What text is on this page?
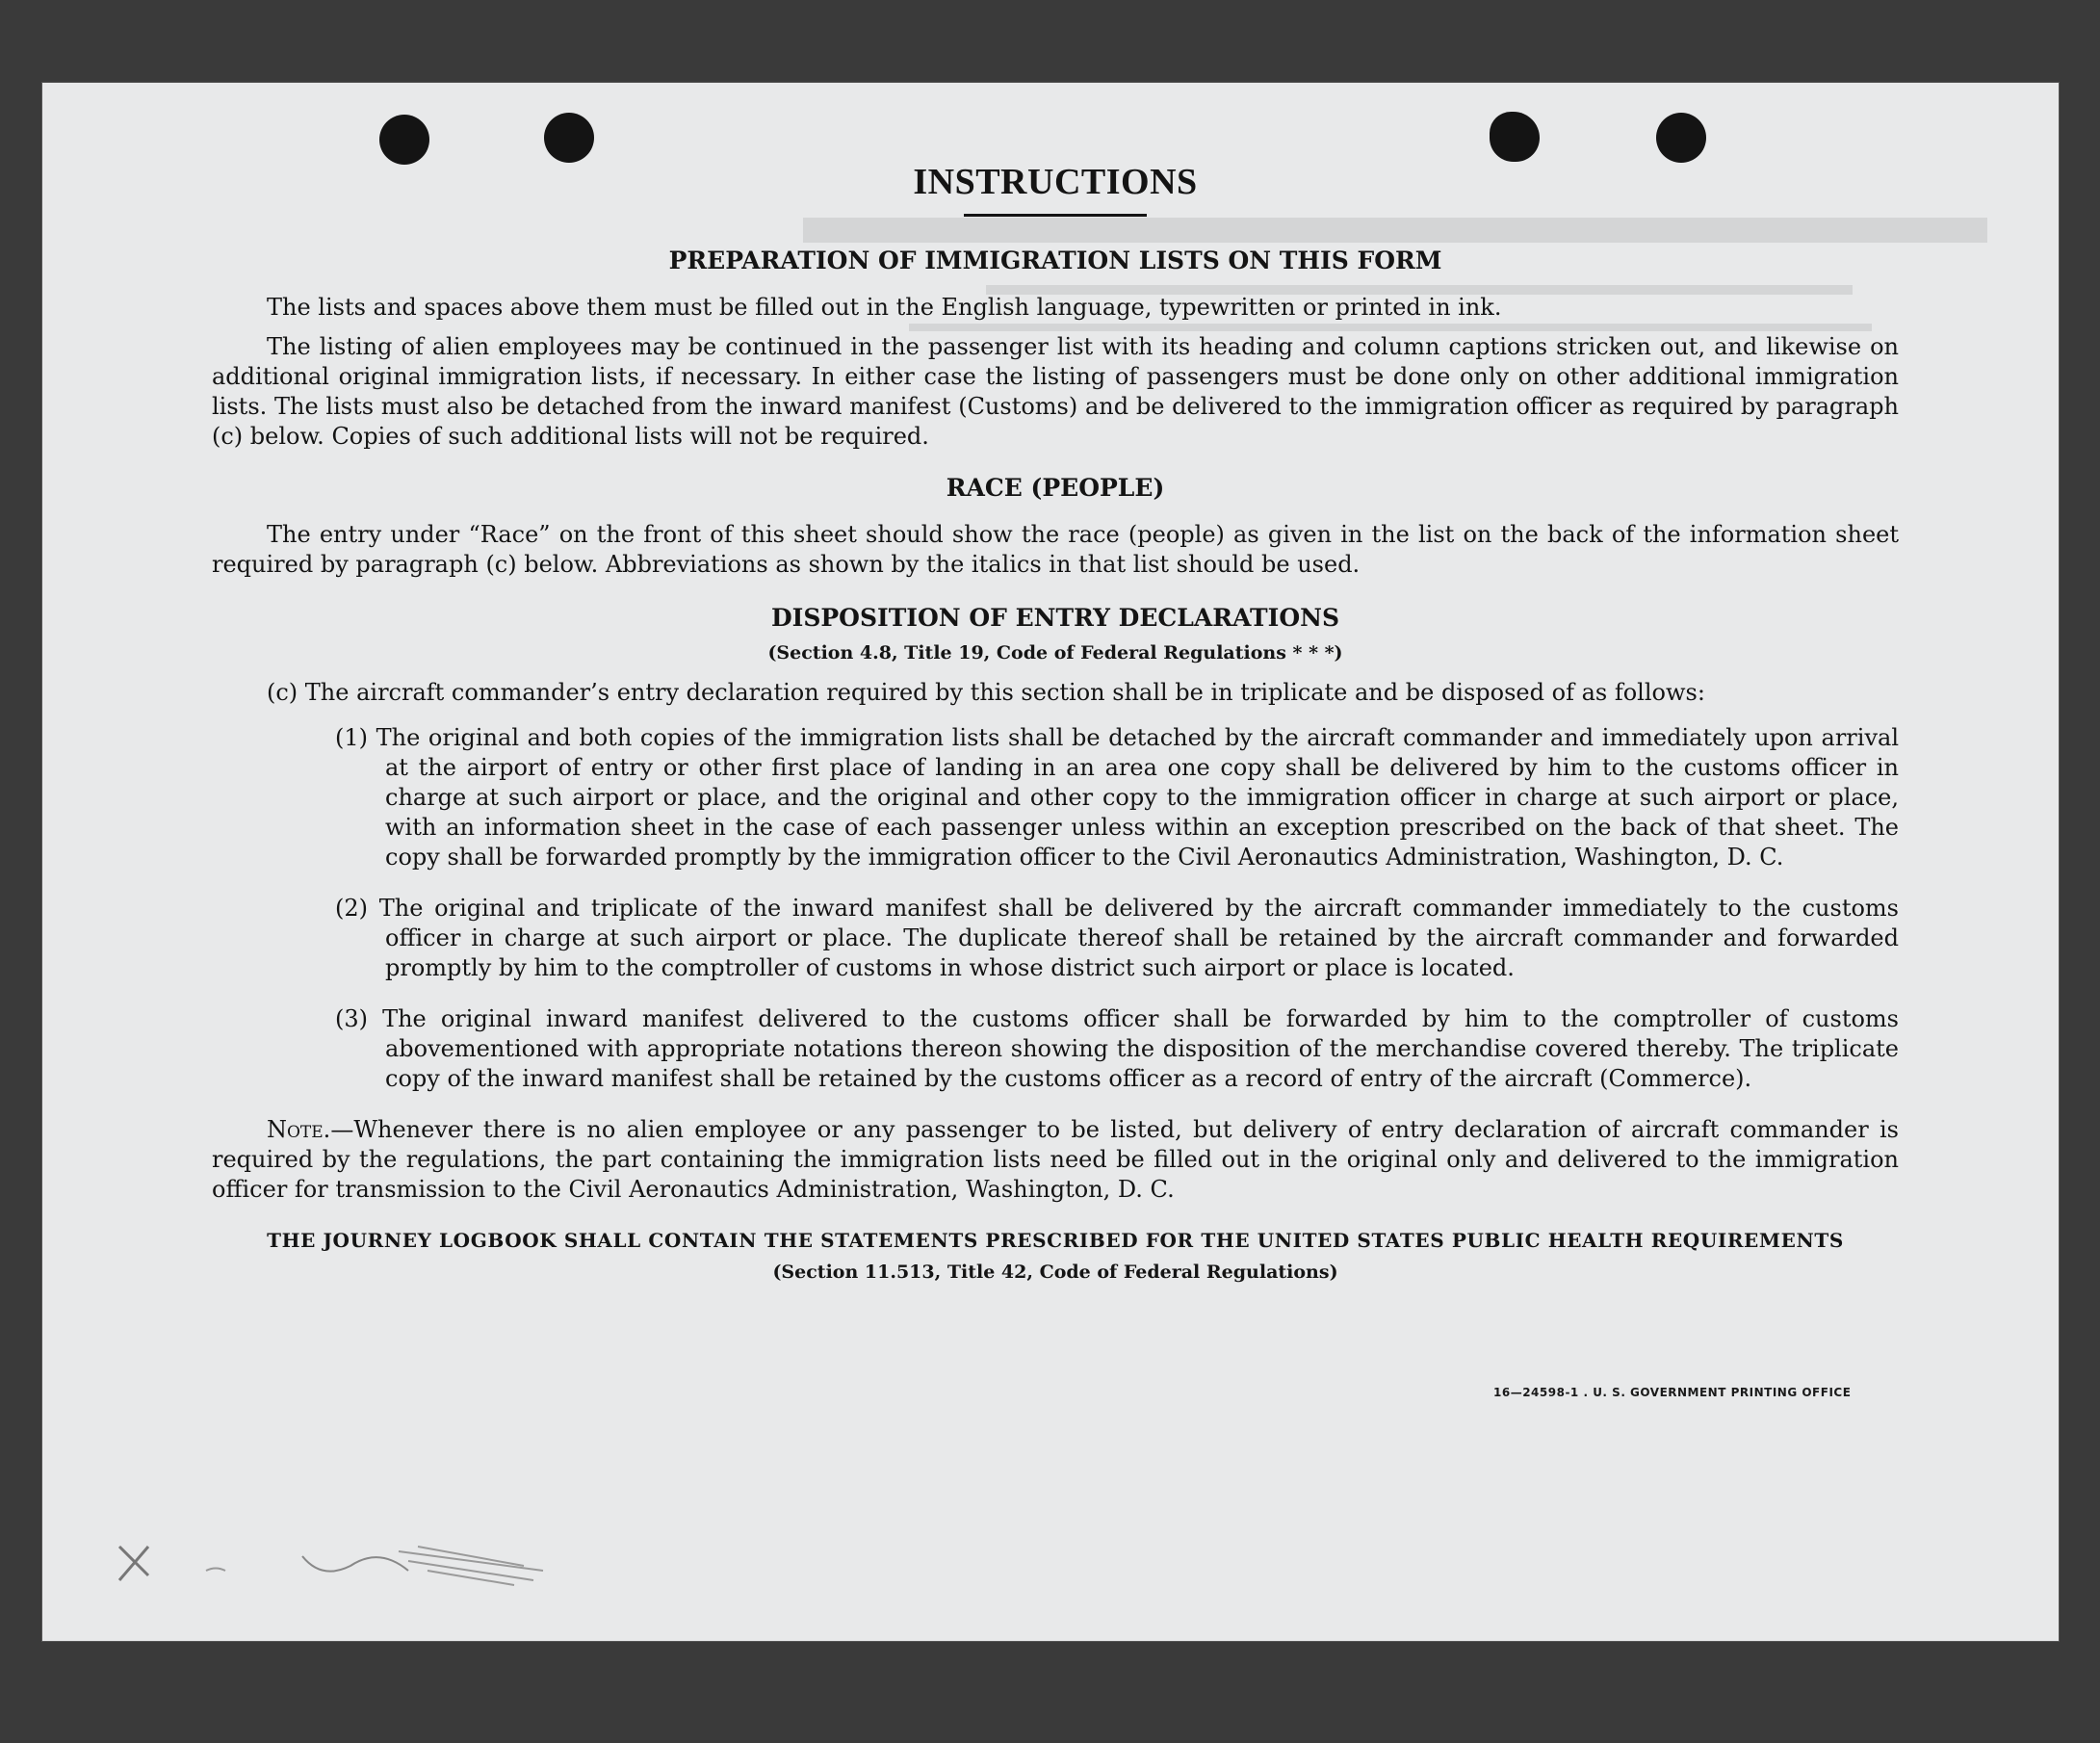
INSTRUCTIONS
PREPARATION OF IMMIGRATION LISTS ON THIS FORM

The lists and spaces above them must be filled out in the English language, typewritten or printed in ink.

The listing of alien employees may be continued in the passenger list with its heading and column captions stricken out, and likewise on additional original immigration lists, if necessary. In either case the listing of passengers must be done only on other additional immigration lists. The lists must also be detached from the inward manifest (Customs) and be delivered to the immigration officer as required by paragraph (c) below. Copies of such additional lists will not be required.

RACE (PEOPLE)

The entry under “Race” on the front of this sheet should show the race (people) as given in the list on the back of the information sheet required by paragraph (c) below. Abbreviations as shown by the italics in that list should be used.

DISPOSITION OF ENTRY DECLARATIONS
(Section 4.8, Title 19, Code of Federal Regulations * * *)

(c) The aircraft commander’s entry declaration required by this section shall be in triplicate and be disposed of as follows:

(1) The original and both copies of the immigration lists shall be detached by the aircraft commander and immediately upon arrival at the airport of entry or other first place of landing in an area one copy shall be delivered by him to the customs officer in charge at such airport or place, and the original and other copy to the immigration officer in charge at such airport or place, with an information sheet in the case of each passenger unless within an exception prescribed on the back of that sheet. The copy shall be forwarded promptly by the immigration officer to the Civil Aeronautics Administration, Washington, D. C.

(2) The original and triplicate of the inward manifest shall be delivered by the aircraft commander immediately to the customs officer in charge at such airport or place. The duplicate thereof shall be retained by the aircraft commander and forwarded promptly by him to the comptroller of customs in whose district such airport or place is located.

(3) The original inward manifest delivered to the customs officer shall be forwarded by him to the comptroller of customs abovementioned with appropriate notations thereon showing the disposition of the merchandise covered thereby. The triplicate copy of the inward manifest shall be retained by the customs officer as a record of entry of the aircraft (Commerce).

Note.—Whenever there is no alien employee or any passenger to be listed, but delivery of entry declaration of aircraft commander is required by the regulations, the part containing the immigration lists need be filled out in the original only and delivered to the immigration officer for transmission to the Civil Aeronautics Administration, Washington, D. C.

THE JOURNEY LOGBOOK SHALL CONTAIN THE STATEMENTS PRESCRIBED FOR THE UNITED STATES PUBLIC HEALTH REQUIREMENTS
(Section 11.513, Title 42, Code of Federal Regulations)
16—24598-1 . U. S. GOVERNMENT PRINTING OFFICE
